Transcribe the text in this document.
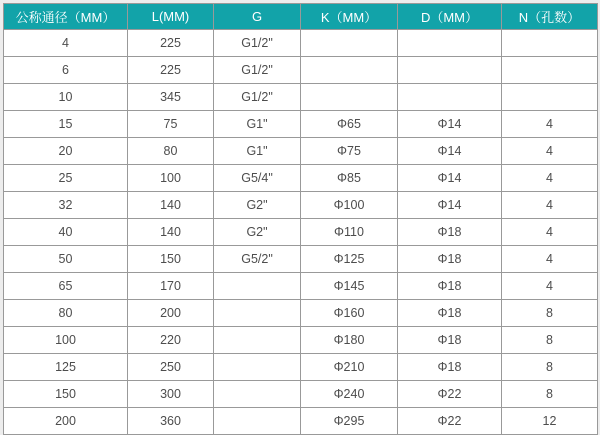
公称通径（MM）	L(MM)	G	K（MM）	D（MM）	N（孔数）
4	225	G1/2"			
6	225	G1/2"			
10	345	G1/2"			
15	75	G1"	Φ65	Φ14	4
20	80	G1"	Φ75	Φ14	4
25	100	G5/4"	Φ85	Φ14	4
32	140	G2"	Φ100	Φ14	4
40	140	G2"	Φ110	Φ18	4
50	150	G5/2"	Φ125	Φ18	4
65	170		Φ145	Φ18	4
80	200		Φ160	Φ18	8
100	220		Φ180	Φ18	8
125	250		Φ210	Φ18	8
150	300		Φ240	Φ22	8
200	360		Φ295	Φ22	12
